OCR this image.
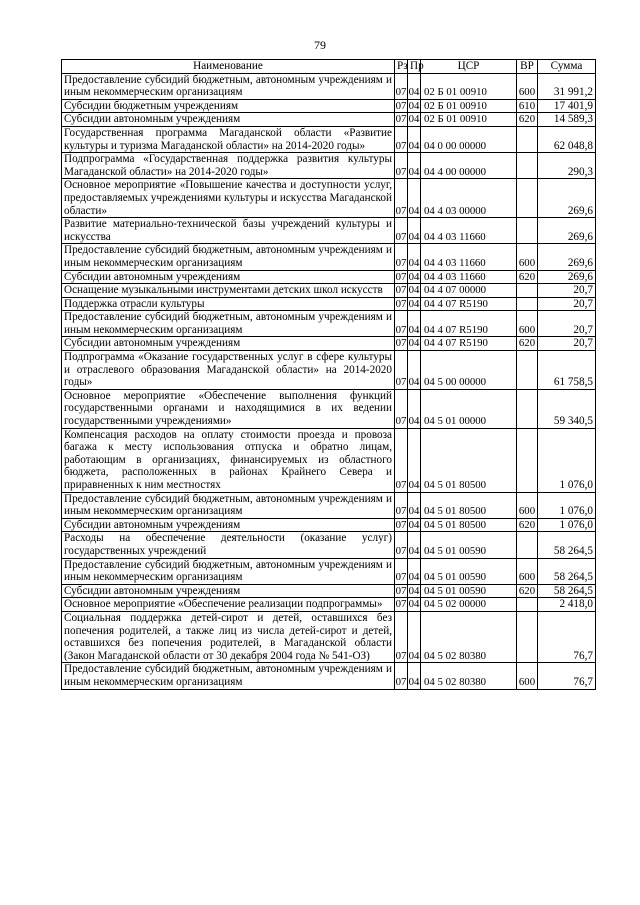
79
Наименование	Рз	Пр	ЦСР	ВР	Сумма
Предоставление субсидий бюджетным, автономным учреждениям и иным некоммерческим организациям	07	04	02 Б 01 00910	600	31 991,2
Субсидии бюджетным учреждениям	07	04	02 Б 01 00910	610	17 401,9
Субсидии автономным учреждениям	07	04	02 Б 01 00910	620	14 589,3
Государственная программа Магаданской области «Развитие культуры и туризма Магаданской области» на 2014-2020 годы»	07	04	04 0 00 00000		62 048,8
Подпрограмма «Государственная поддержка развития культуры Магаданской области» на 2014-2020 годы»	07	04	04 4 00 00000		290,3
Основное мероприятие «Повышение качества и доступности услуг, предоставляемых учреждениями культуры и искусства Магаданской области»	07	04	04 4 03 00000		269,6
Развитие материально-технической базы учреждений культуры и искусства	07	04	04 4 03 11660		269,6
Предоставление субсидий бюджетным, автономным учреждениям и иным некоммерческим организациям	07	04	04 4 03 11660	600	269,6
Субсидии автономным учреждениям	07	04	04 4 03 11660	620	269,6
Оснащение музыкальными инструментами детских школ искусств	07	04	04 4 07 00000		20,7
Поддержка отрасли культуры	07	04	04 4 07 R5190		20,7
Предоставление субсидий бюджетным, автономным учреждениям и иным некоммерческим организациям	07	04	04 4 07 R5190	600	20,7
Субсидии автономным учреждениям	07	04	04 4 07 R5190	620	20,7
Подпрограмма «Оказание государственных услуг в сфере культуры и отраслевого образования Магаданской области» на 2014-2020 годы»	07	04	04 5 00 00000		61 758,5
Основное мероприятие «Обеспечение выполнения функций государственными органами и находящимися в их ведении государственными учреждениями»	07	04	04 5 01 00000		59 340,5
Компенсация расходов на оплату стоимости проезда и провоза багажа к месту использования отпуска и обратно лицам, работающим в организациях, финансируемых из областного бюджета, расположенных в районах Крайнего Севера и приравненных к ним местностях	07	04	04 5 01 80500		1 076,0
Предоставление субсидий бюджетным, автономным учреждениям и иным некоммерческим организациям	07	04	04 5 01 80500	600	1 076,0
Субсидии автономным учреждениям	07	04	04 5 01 80500	620	1 076,0
Расходы на обеспечение деятельности (оказание услуг) государственных учреждений	07	04	04 5 01 00590		58 264,5
Предоставление субсидий бюджетным, автономным учреждениям и иным некоммерческим организациям	07	04	04 5 01 00590	600	58 264,5
Субсидии автономным учреждениям	07	04	04 5 01 00590	620	58 264,5
Основное мероприятие «Обеспечение реализации подпрограммы»	07	04	04 5 02 00000		2 418,0
Социальная поддержка детей-сирот и детей, оставшихся без попечения родителей, а также лиц из числа детей-сирот и детей, оставшихся без попечения родителей, в Магаданской области (Закон Магаданской области от 30 декабря 2004 года № 541-ОЗ)	07	04	04 5 02 80380		76,7
Предоставление субсидий бюджетным, автономным учреждениям и иным некоммерческим организациям	07	04	04 5 02 80380	600	76,7
